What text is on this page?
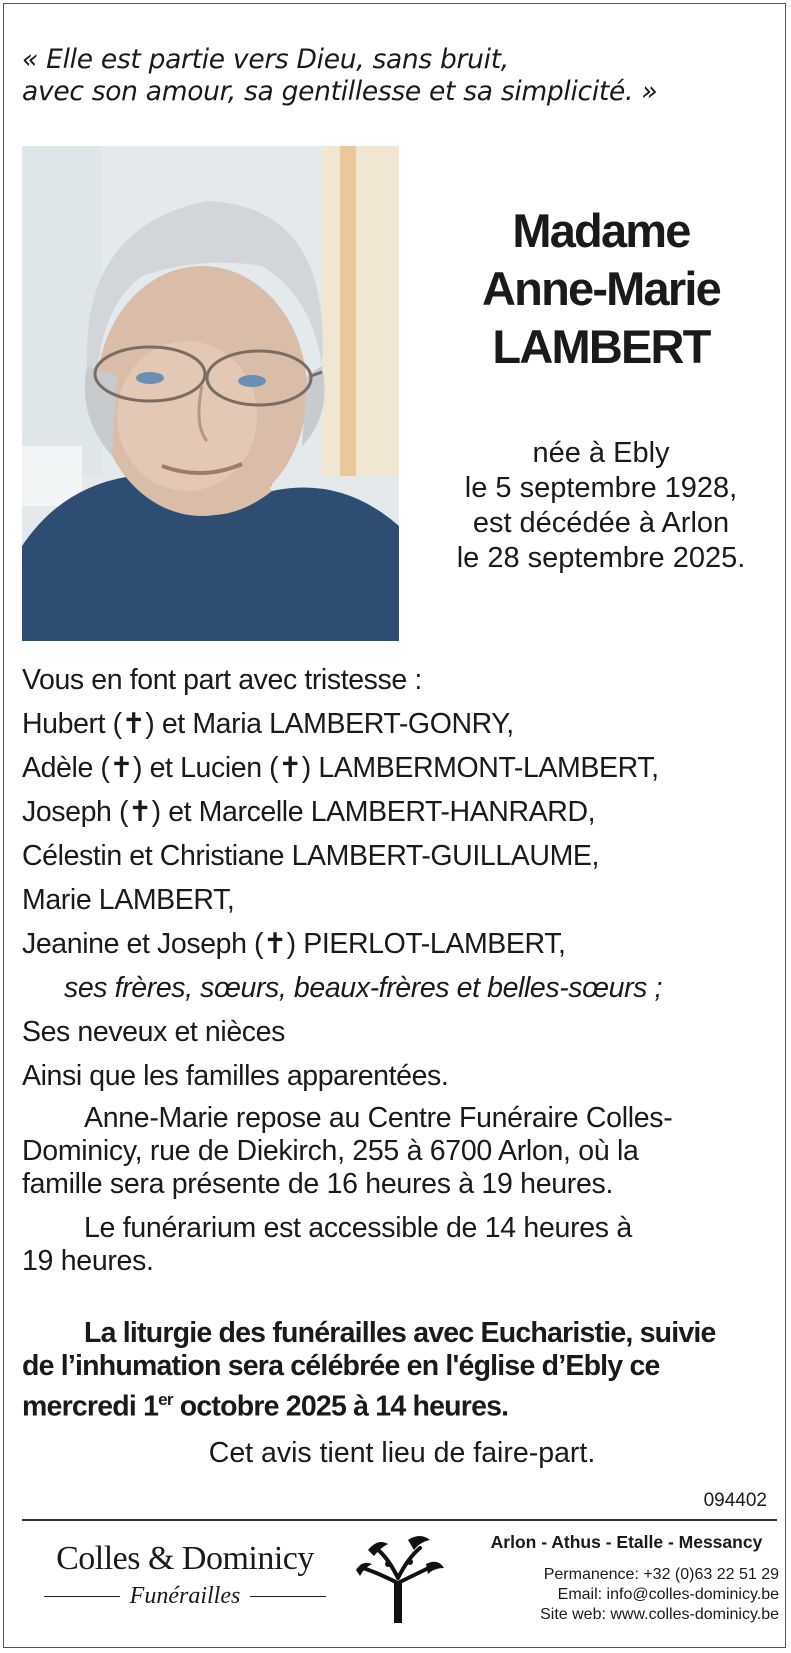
« Elle est partie vers Dieu, sans bruit,
avec son amour, sa gentillesse et sa simplicité. »
Madame
Anne-Marie
LAMBERT
née à Ebly
le 5 septembre 1928,
est décédée à Arlon
le 28 septembre 2025.
Vous en font part avec tristesse :
Hubert (✝) et Maria LAMBERT-GONRY,
Adèle (✝) et Lucien (✝) LAMBERMONT-LAMBERT,
Joseph (✝) et Marcelle LAMBERT-HANRARD,
Célestin et Christiane LAMBERT-GUILLAUME,
Marie LAMBERT,
Jeanine et Joseph (✝) PIERLOT-LAMBERT,
ses frères, sœurs, beaux-frères et belles-sœurs ;
Ses neveux et nièces
Ainsi que les familles apparentées.
Anne-Marie repose au Centre Funéraire Colles-
Dominicy, rue de Diekirch, 255 à 6700 Arlon, où la
famille sera présente de 16 heures à 19 heures.
Le funérarium est accessible de 14 heures à
19 heures.
La liturgie des funérailles avec Eucharistie, suivie
de l’inhumation sera célébrée en l'église d’Ebly ce
mercredi 1er octobre 2025 à 14 heures.
Cet avis tient lieu de faire-part.
094402
Colles & Dominicy
Funérailles
Arlon - Athus - Etalle - Messancy
Permanence: +32 (0)63 22 51 29
Email: info@colles-dominicy.be
Site web: www.colles-dominicy.be
